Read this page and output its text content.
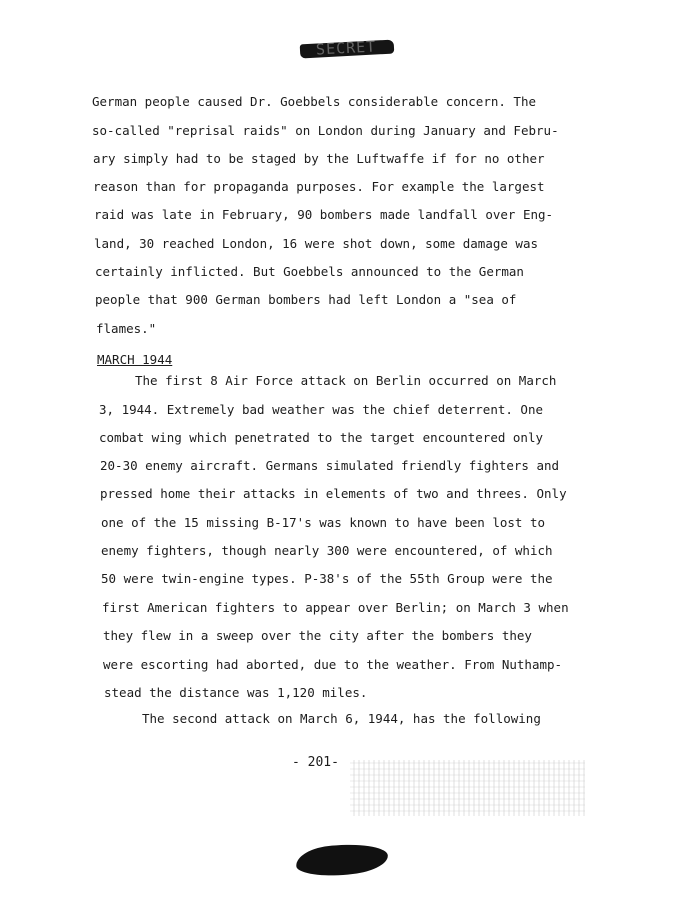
SECRET
German people caused Dr. Goebbels considerable concern. The
so-called "reprisal raids" on London during January and Febru-
ary simply had to be staged by the Luftwaffe if for no other
reason than for propaganda purposes. For example the largest
raid was late in February, 90 bombers made landfall over Eng-
land, 30 reached London, 16 were shot down, some damage was
certainly inflicted. But Goebbels announced to the German
people that 900 German bombers had left London a "sea of
flames."
MARCH 1944
The first 8 Air Force attack on Berlin occurred on March
3, 1944. Extremely bad weather was the chief deterrent. One
combat wing which penetrated to the target encountered only
20-30 enemy aircraft. Germans simulated friendly fighters and
pressed home their attacks in elements of two and threes. Only
one of the 15 missing B-17's was known to have been lost to
enemy fighters, though nearly 300 were encountered, of which
50 were twin-engine types. P-38's of the 55th Group were the
first American fighters to appear over Berlin; on March 3 when
they flew in a sweep over the city after the bombers they
were escorting had aborted, due to the weather. From Nuthamp-
stead the distance was 1,120 miles.
The second attack on March 6, 1944, has the following
- 201-
